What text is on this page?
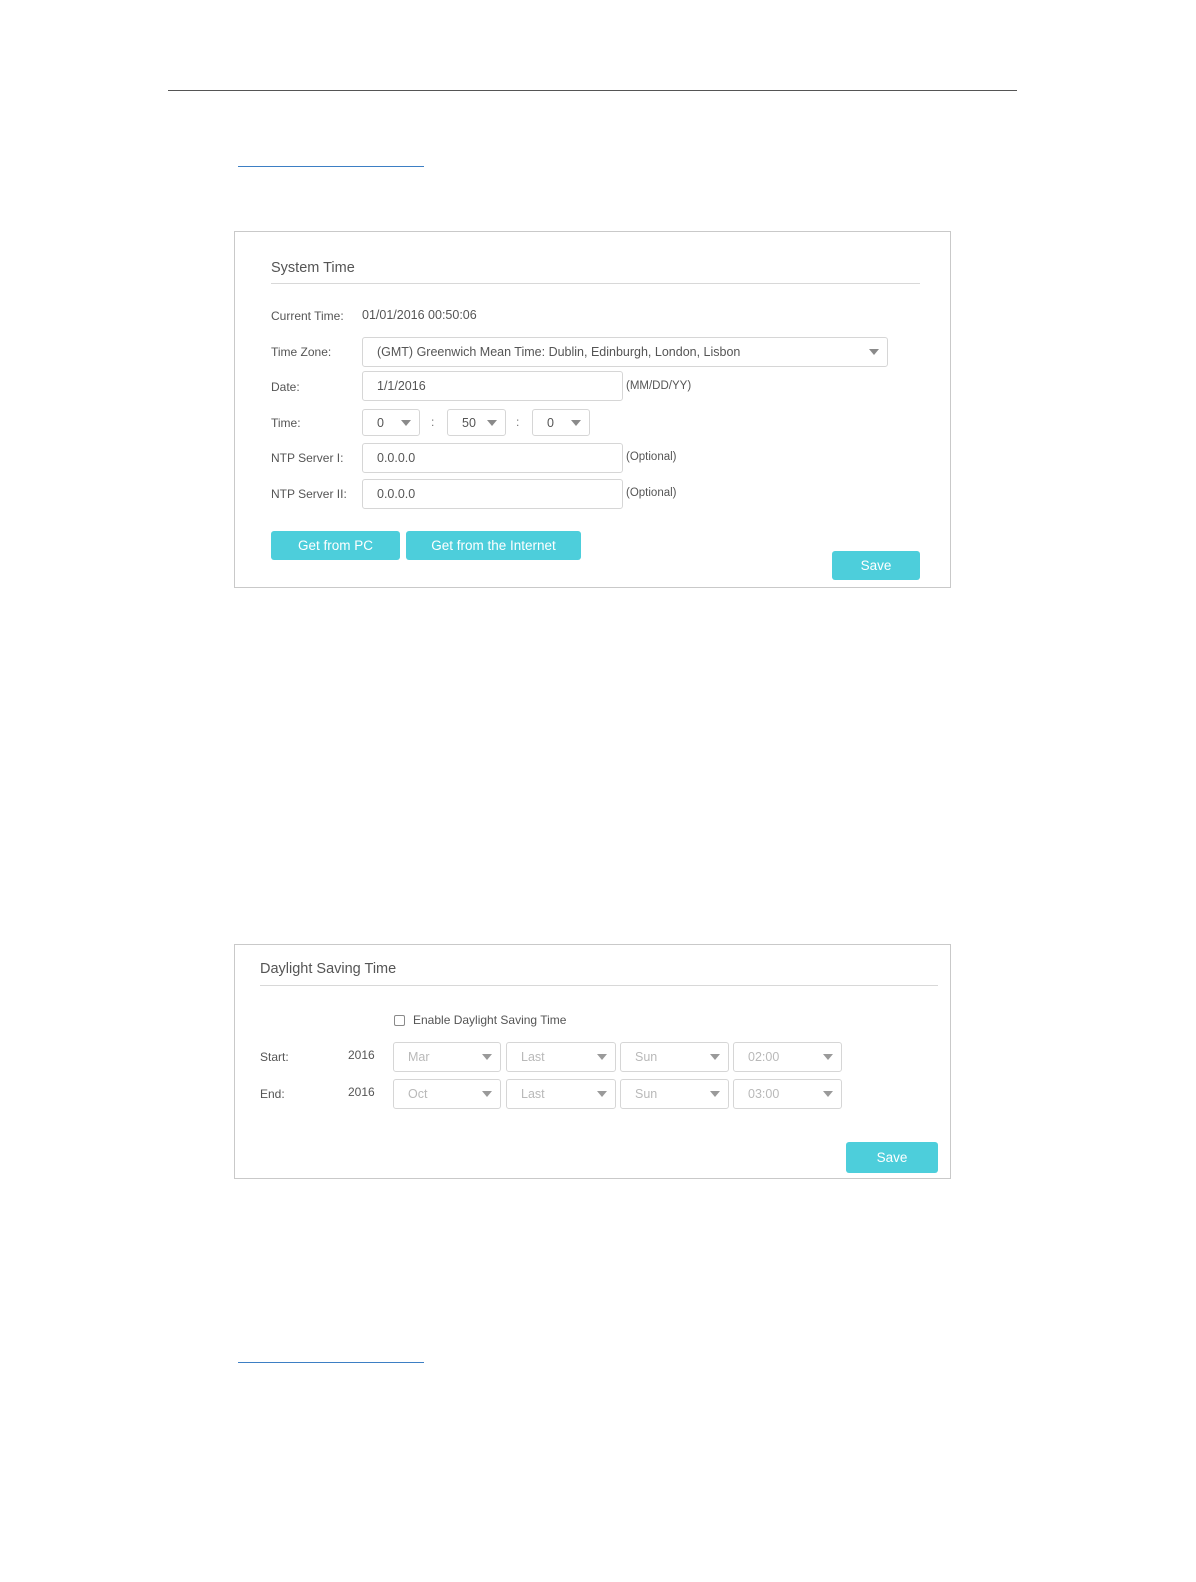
System Time
Current Time: 01/01/2016 00:50:06
Time Zone:	(GMT) Greenwich Mean Time: Dublin, Edinburgh, London, Lisbon
Date:	1/1/2016	(MM/DD/YY)
Time:	0	: 50	: 0
NTP Server I:	0.0.0.0	(Optional)
NTP Server II: 0.0.0.0	(Optional)
Get from PC	Get from the Internet
Save
Daylight Saving Time
Enable Daylight Saving Time
Start:	2016	Mar	Last	Sun	02:00
End:	2016	Oct	Last	Sun	03:00
Save
